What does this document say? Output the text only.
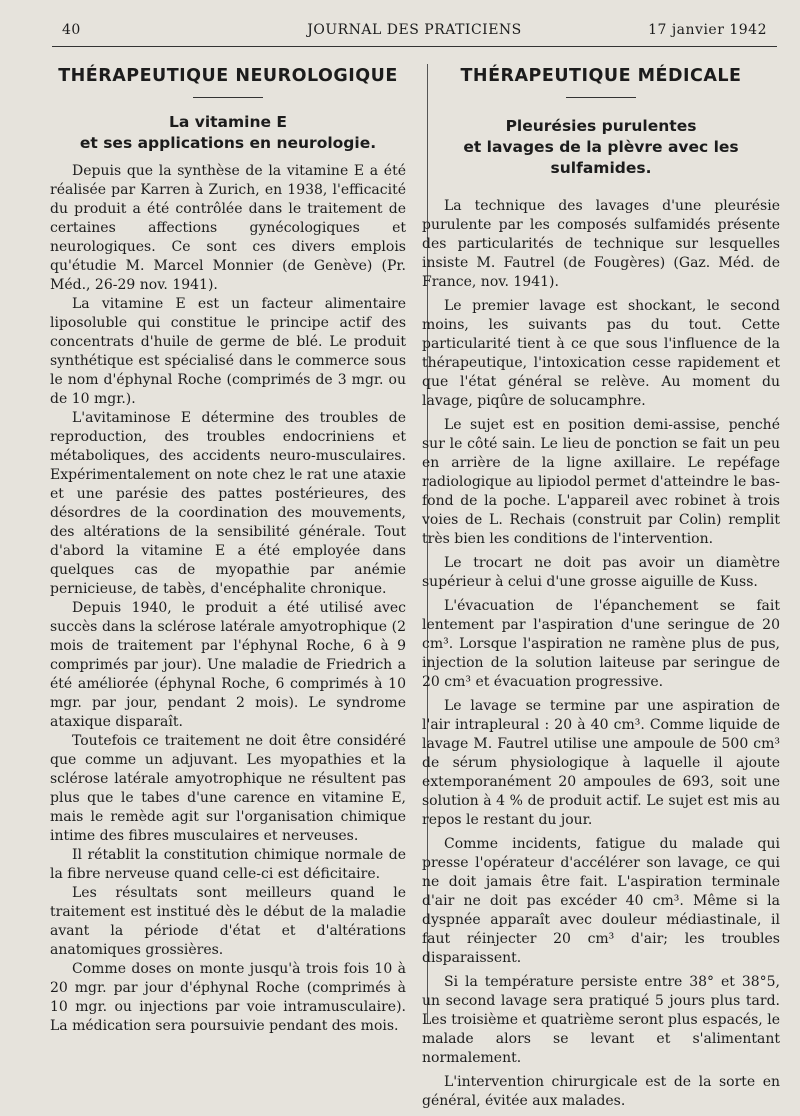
40	JOURNAL DES PRATICIENS	17 janvier 1942
THÉRAPEUTIQUE NEUROLOGIQUE
La vitamine E
et ses applications en neurologie.

Depuis que la synthèse de la vitamine E a été réalisée par Karren à Zurich, en 1938, l'efficacité du produit a été contrôlée dans le traitement de certaines affections gynécologiques et neurologiques. Ce sont ces divers emplois qu'étudie M. Marcel Monnier (de Genève) (Pr. Méd., 26-29 nov. 1941).

La vitamine E est un facteur alimentaire liposoluble qui constitue le principe actif des concentrats d'huile de germe de blé. Le produit synthétique est spécialisé dans le commerce sous le nom d'éphynal Roche (comprimés de 3 mgr. ou de 10 mgr.).

L'avitaminose E détermine des troubles de reproduction, des troubles endocriniens et métaboliques, des accidents neuro-musculaires. Expérimentalement on note chez le rat une ataxie et une parésie des pattes postérieures, des désordres de la coordination des mouvements, des altérations de la sensibilité générale. Tout d'abord la vitamine E a été employée dans quelques cas de myopathie par anémie pernicieuse, de tabès, d'encéphalite chronique.

Depuis 1940, le produit a été utilisé avec succès dans la sclérose latérale amyotrophique (2 mois de traitement par l'éphynal Roche, 6 à 9 comprimés par jour). Une maladie de Friedrich a été améliorée (éphynal Roche, 6 comprimés à 10 mgr. par jour, pendant 2 mois). Le syndrome ataxique disparaît.

Toutefois ce traitement ne doit être considéré que comme un adjuvant. Les myopathies et la sclérose latérale amyotrophique ne résultent pas plus que le tabes d'une carence en vitamine E, mais le remède agit sur l'organisation chimique intime des fibres musculaires et nerveuses.

Il rétablit la constitution chimique normale de la fibre nerveuse quand celle-ci est déficitaire.

Les résultats sont meilleurs quand le traitement est institué dès le début de la maladie avant la période d'état et d'altérations anatomiques grossières.

Comme doses on monte jusqu'à trois fois 10 à 20 mgr. par jour d'éphynal Roche (comprimés à 10 mgr. ou injections par voie intramusculaire). La médication sera poursuivie pendant des mois.

THÉRAPEUTIQUE MÉDICALE
Pleurésies purulentes
et lavages de la plèvre avec les sulfamides.

La technique des lavages d'une pleurésie purulente par les composés sulfamidés présente des particularités de technique sur lesquelles insiste M. Fautrel (de Fougères) (Gaz. Méd. de France, nov. 1941).

Le premier lavage est shockant, le second moins, les suivants pas du tout. Cette particularité tient à ce que sous l'influence de la thérapeutique, l'intoxication cesse rapidement et que l'état général se relève. Au moment du lavage, piqûre de solucamphre.

Le sujet est en position demi-assise, penché sur le côté sain. Le lieu de ponction se fait un peu en arrière de la ligne axillaire. Le repéfage radiologique au lipiodol permet d'atteindre le bas-fond de la poche. L'appareil avec robinet à trois voies de L. Rechais (construit par Colin) remplit très bien les conditions de l'intervention.

Le trocart ne doit pas avoir un diamètre supérieur à celui d'une grosse aiguille de Kuss.

L'évacuation de l'épanchement se fait lentement par l'aspiration d'une seringue de 20 cm³. Lorsque l'aspiration ne ramène plus de pus, injection de la solution laiteuse par seringue de 20 cm³ et évacuation progressive.

Le lavage se termine par une aspiration de l'air intrapleural : 20 à 40 cm³. Comme liquide de lavage M. Fautrel utilise une ampoule de 500 cm³ de sérum physiologique à laquelle il ajoute extemporanément 20 ampoules de 693, soit une solution à 4 % de produit actif. Le sujet est mis au repos le restant du jour.

Comme incidents, fatigue du malade qui presse l'opérateur d'accélérer son lavage, ce qui ne doit jamais être fait. L'aspiration terminale d'air ne doit pas excéder 40 cm³. Même si la dyspnée apparaît avec douleur médiastinale, il faut réinjecter 20 cm³ d'air; les troubles disparaissent.

Si la température persiste entre 38° et 38°5, un second lavage sera pratiqué 5 jours plus tard. Les troisième et quatrième seront plus espacés, le malade alors se levant et s'alimentant normalement.

L'intervention chirurgicale est de la sorte en général, évitée aux malades.
